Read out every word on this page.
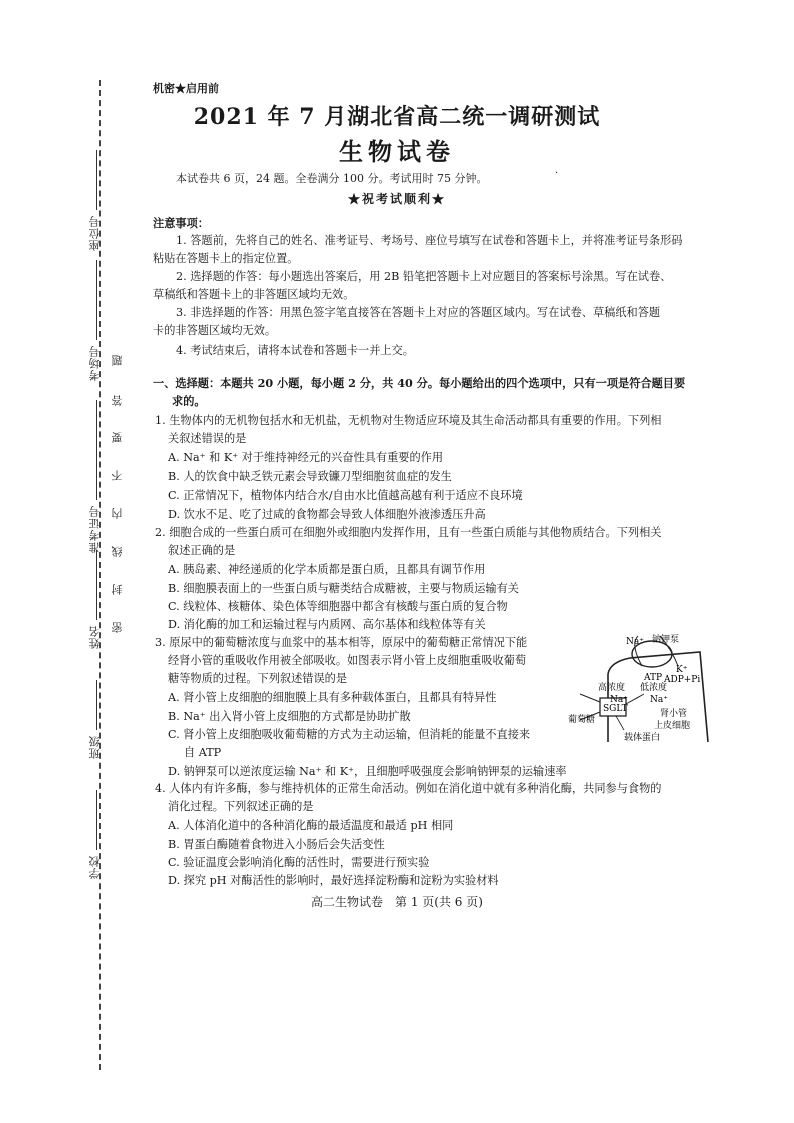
座位号
考场号
准考证号
姓名
班级
学校
题
答
要
不
内
线
封
密
机密★启用前
2021 年 7 月湖北省高二统一调研测试
生物试卷
本试卷共 6 页，24 题。全卷满分 100 分。考试用时 75 分钟。	·
★祝考试顺利★
注意事项：
1. 答题前，先将自己的姓名、准考证号、考场号、座位号填写在试卷和答题卡上，并将准考证号条形码
粘贴在答题卡上的指定位置。
2. 选择题的作答：每小题选出答案后，用 2B 铅笔把答题卡上对应题目的答案标号涂黑。写在试卷、
草稿纸和答题卡上的非答题区域均无效。
3. 非选择题的作答：用黑色签字笔直接答在答题卡上对应的答题区域内。写在试卷、草稿纸和答题
卡的非答题区域均无效。
4. 考试结束后，请将本试卷和答题卡一并上交。
一、选择题：本题共 20 小题，每小题 2 分，共 40 分。每小题给出的四个选项中，只有一项是符合题目要
求的。
1. 生物体内的无机物包括水和无机盐，无机物对生物适应环境及其生命活动都具有重要的作用。下列相
关叙述错误的是
A. Na⁺ 和 K⁺ 对于维持神经元的兴奋性具有重要的作用
B. 人的饮食中缺乏铁元素会导致镰刀型细胞贫血症的发生
C. 正常情况下，植物体内结合水/自由水比值越高越有利于适应不良环境
D. 饮水不足、吃了过咸的食物都会导致人体细胞外液渗透压升高
2. 细胞合成的一些蛋白质可在细胞外或细胞内发挥作用，且有一些蛋白质能与其他物质结合。下列相关
叙述正确的是
A. 胰岛素、神经递质的化学本质都是蛋白质，且都具有调节作用
B. 细胞膜表面上的一些蛋白质与糖类结合成糖被，主要与物质运输有关
C. 线粒体、核糖体、染色体等细胞器中都含有核酸与蛋白质的复合物
D. 消化酶的加工和运输过程与内质网、高尔基体和线粒体等有关
3. 原尿中的葡萄糖浓度与血浆中的基本相等，原尿中的葡萄糖正常情况下能
经肾小管的重吸收作用被全部吸收。如图表示肾小管上皮细胞重吸收葡萄
糖等物质的过程。下列叙述错误的是
A. 肾小管上皮细胞的细胞膜上具有多种载体蛋白，且都具有特异性
B. Na⁺ 出入肾小管上皮细胞的方式都是协助扩散
C. 肾小管上皮细胞吸收葡萄糖的方式为主动运输，但消耗的能量不直接来
自 ATP
D. 钠钾泵可以逆浓度运输 Na⁺ 和 K⁺，且细胞呼吸强度会影响钠钾泵的运输速率
Na⁺ 钠钾泵
K⁺
ATP ADP+Pi
高浓度
Na⁺
低浓度
Na⁺
SGLT
葡萄糖
肾小管
上皮细胞
载体蛋白
4. 人体内有许多酶，参与维持机体的正常生命活动。例如在消化道中就有多种消化酶，共同参与食物的
消化过程。下列叙述正确的是
A. 人体消化道中的各种消化酶的最适温度和最适 pH 相同
B. 胃蛋白酶随着食物进入小肠后会失活变性
C. 验证温度会影响消化酶的活性时，需要进行预实验
D. 探究 pH 对酶活性的影响时，最好选择淀粉酶和淀粉为实验材料
高二生物试卷　第 1 页(共 6 页)
